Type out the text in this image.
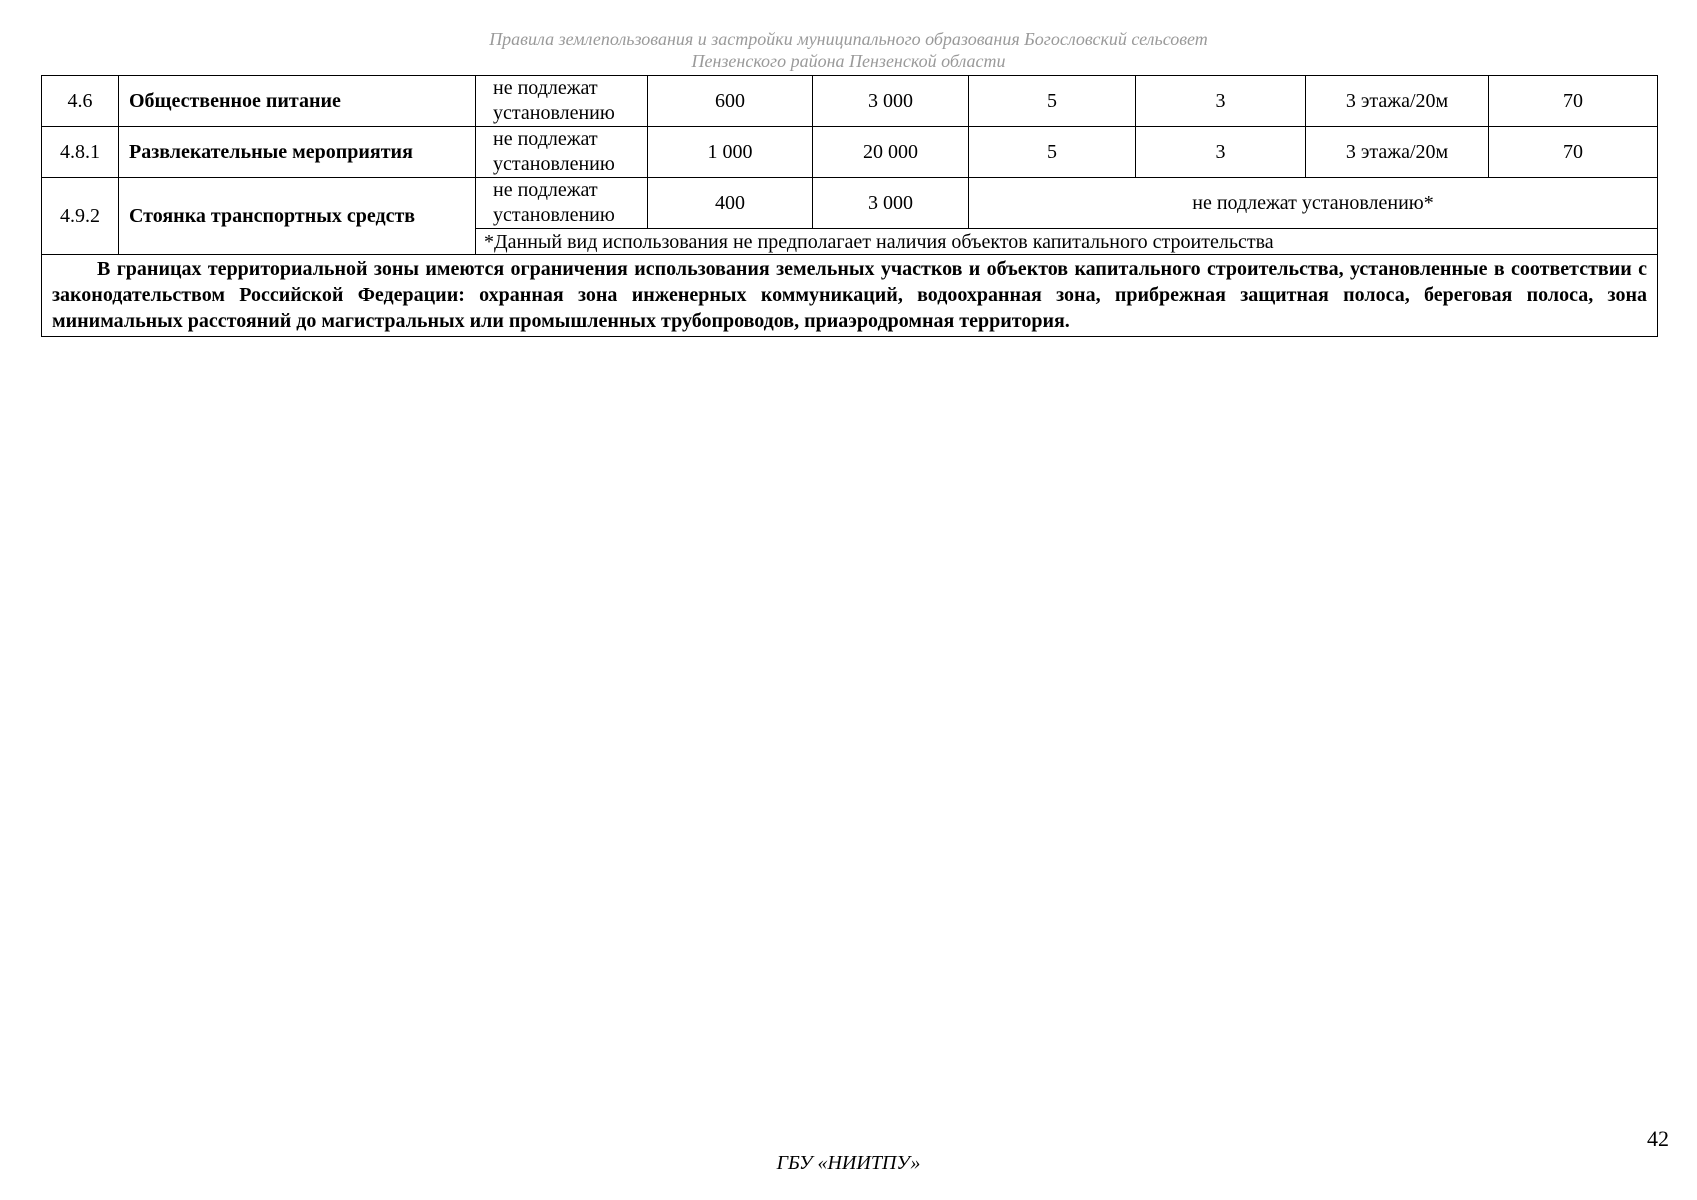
Правила землепользования и застройки муниципального образования Богословский сельсовет
Пензенского района Пензенской области
4.6	Общественное питание	не подлежат установлению	600	3 000	5	3	3 этажа/20м	70
4.8.1	Развлекательные мероприятия	не подлежат установлению	1 000	20 000	5	3	3 этажа/20м	70
4.9.2	Стоянка транспортных средств	не подлежат установлению	400	3 000	не подлежат установлению*			
		*Данный вид использования не предполагает наличия объектов капитального строительства						
В границах территориальной зоны имеются ограничения использования земельных участков и объектов капитального строительства, установленные в соответствии с законодательством Российской Федерации: охранная зона инженерных коммуникаций, водоохранная зона, прибрежная защитная полоса, береговая полоса, зона минимальных расстояний до магистральных или промышленных трубопроводов, приаэродромная территория.								
42
ГБУ «НИИТПУ»
